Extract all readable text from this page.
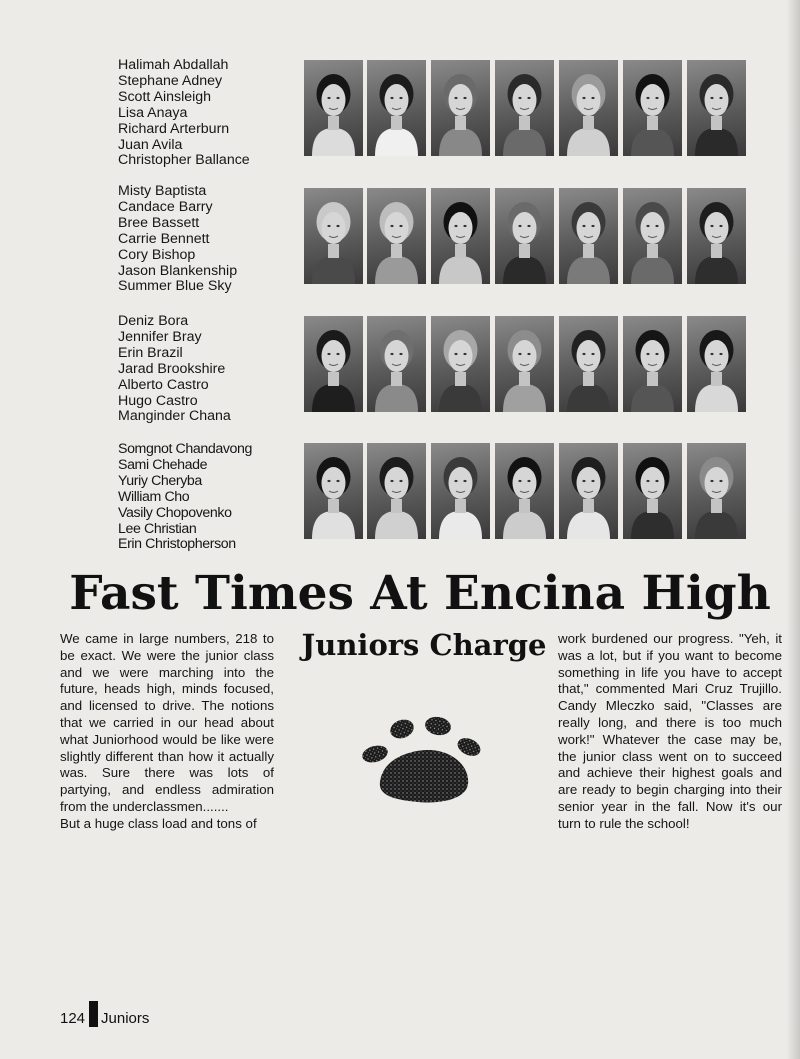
Halimah Abdallah
Stephane Adney
Scott Ainsleigh
Lisa Anaya
Richard Arterburn
Juan Avila
Christopher Ballance
Misty Baptista
Candace Barry
Bree Bassett
Carrie Bennett
Cory Bishop
Jason Blankenship
Summer Blue Sky
Deniz Bora
Jennifer Bray
Erin Brazil
Jarad Brookshire
Alberto Castro
Hugo Castro
Manginder Chana
Somgnot Chandavong
Sami Chehade
Yuriy Cheryba
William Cho
Vasily Chopovenko
Lee Christian
Erin Christopherson
Fast Times At Encina High
Juniors Charge
We came in large numbers, 218 to be exact. We were the junior class and we were marching into the future, heads high, minds focused, and licensed to drive. The notions that we carried in our head about what Juniorhood would be like were slightly different than how it actually was. Sure there was lots of partying, and endless admiration from the underclassmen.......
But a huge class load and tons of
work burdened our progress. "Yeh, it was a lot, but if you want to become something in life you have to accept that," commented Mari Cruz Trujillo. Candy Mleczko said, "Classes are really long, and there is too much work!" Whatever the case may be, the junior class went on to succeed and achieve their highest goals and are ready to begin charging into their senior year in the fall. Now it's our turn to rule the school!
124 Juniors
